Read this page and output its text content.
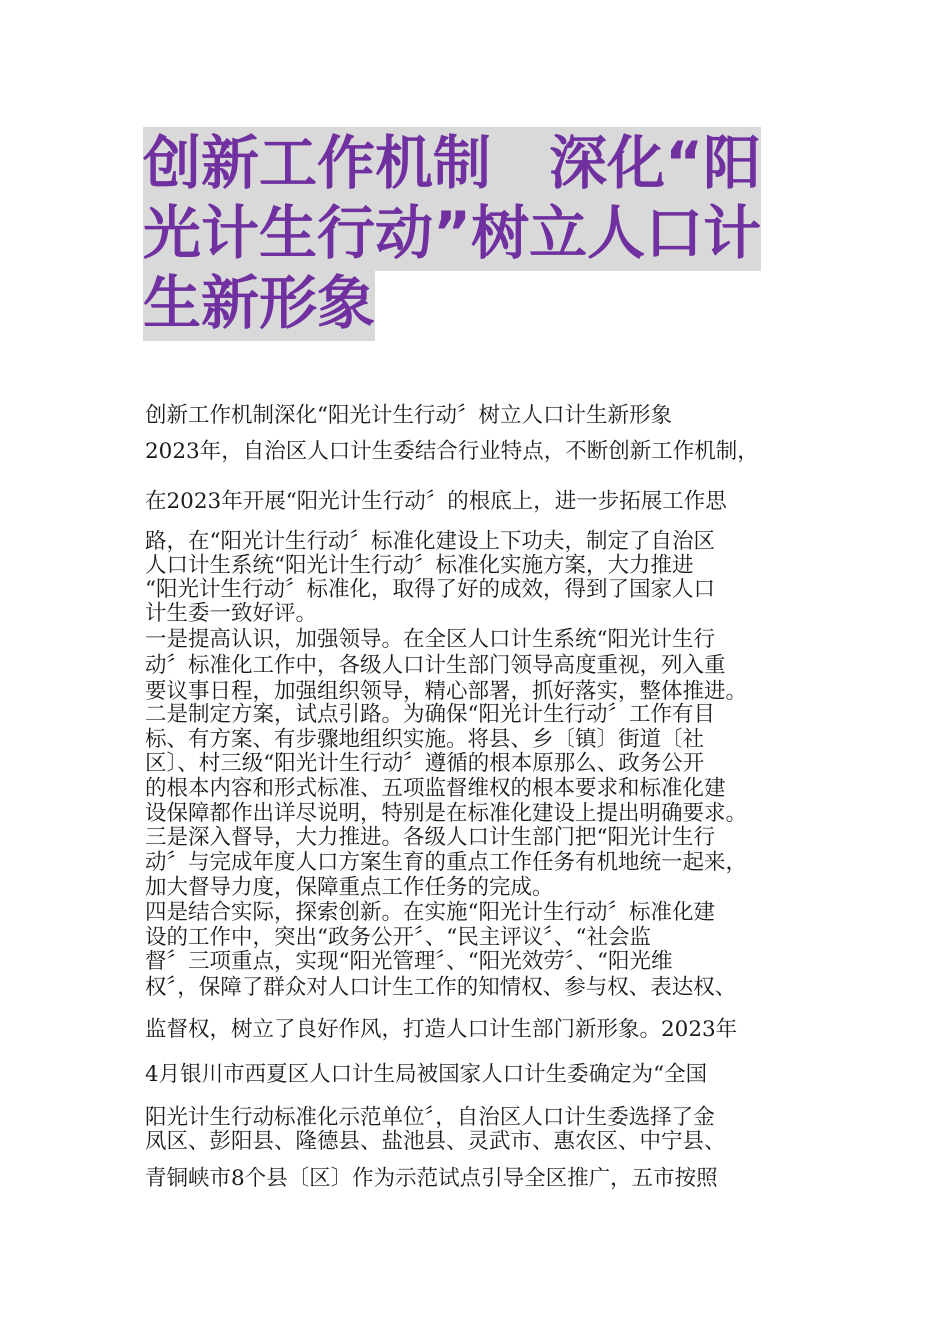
创新工作机制　深化“阳
光计生行动”树立人口计
生新形象
创新工作机制深化“阳光计生行动〞树立人口计生新形象
2023年，自治区人口计生委结合行业特点，不断创新工作机制，
在2023年开展“阳光计生行动〞的根底上，进一步拓展工作思
路，在“阳光计生行动〞标准化建设上下功夫，制定了自治区
人口计生系统“阳光计生行动〞标准化实施方案，大力推进
“阳光计生行动〞标准化，取得了好的成效，得到了国家人口
计生委一致好评。
一是提高认识，加强领导。在全区人口计生系统“阳光计生行
动〞标准化工作中，各级人口计生部门领导高度重视，列入重
要议事日程，加强组织领导，精心部署，抓好落实，整体推进。
二是制定方案，试点引路。为确保“阳光计生行动〞工作有目
标、有方案、有步骤地组织实施。将县、乡〔镇〕街道〔社
区〕、村三级“阳光计生行动〞遵循的根本原那么、政务公开
的根本内容和形式标准、五项监督维权的根本要求和标准化建
设保障都作出详尽说明，特别是在标准化建设上提出明确要求。
三是深入督导，大力推进。各级人口计生部门把“阳光计生行
动〞与完成年度人口方案生育的重点工作任务有机地统一起来，
加大督导力度，保障重点工作任务的完成。
四是结合实际，探索创新。在实施“阳光计生行动〞标准化建
设的工作中，突出“政务公开〞、“民主评议〞、“社会监
督〞三项重点，实现“阳光管理〞、“阳光效劳〞、“阳光维
权〞，保障了群众对人口计生工作的知情权、参与权、表达权、
监督权，树立了良好作风，打造人口计生部门新形象。2023年
4月银川市西夏区人口计生局被国家人口计生委确定为“全国
阳光计生行动标准化示范单位〞，自治区人口计生委选择了金
凤区、彭阳县、隆德县、盐池县、灵武市、惠农区、中宁县、
青铜峡市8个县〔区〕作为示范试点引导全区推广，五市按照
